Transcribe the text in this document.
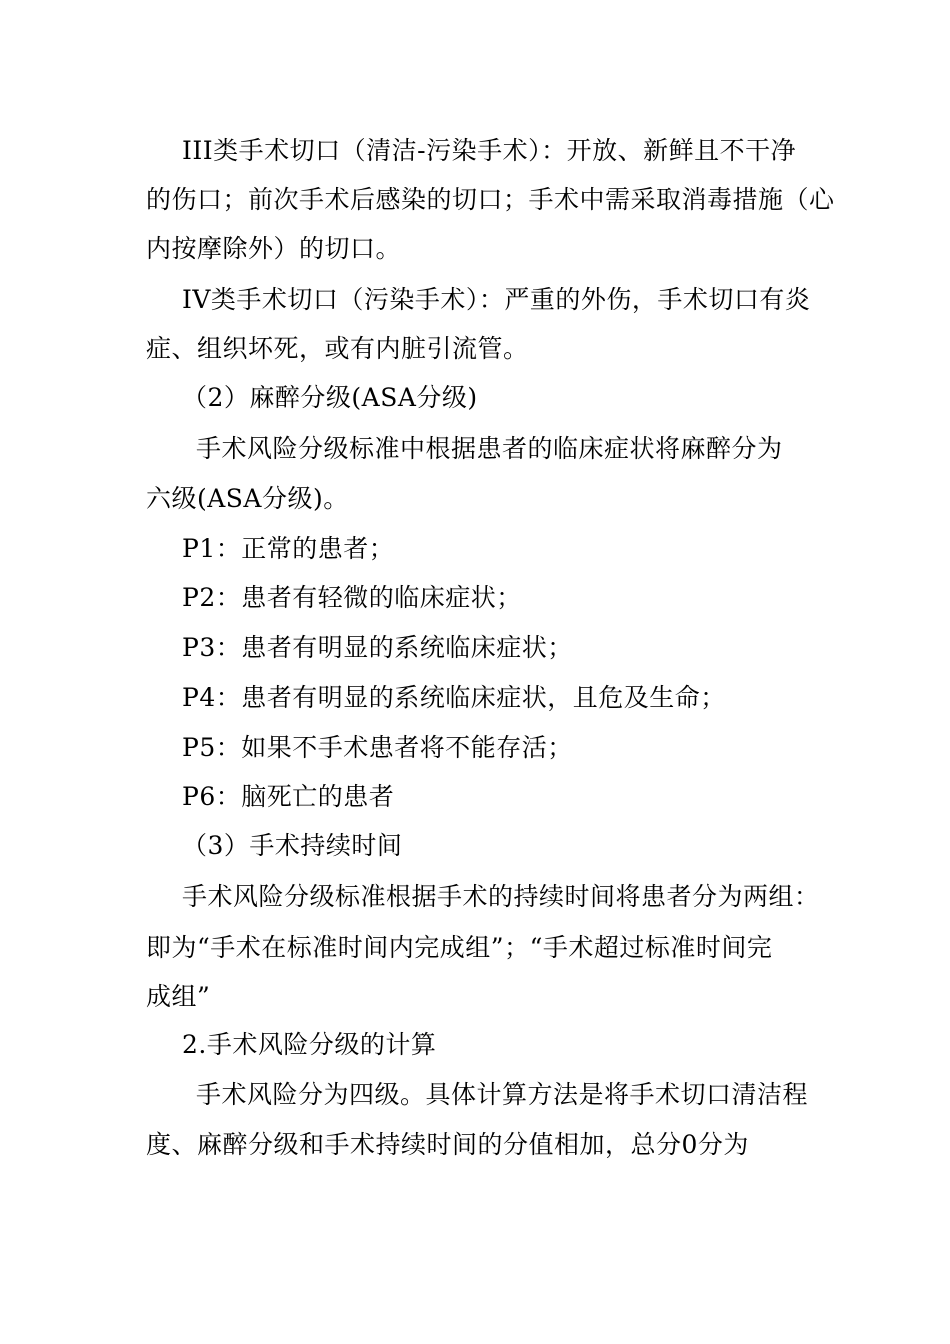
III类手术切口（清洁-污染手术）：开放、新鲜且不干净
的伤口；前次手术后感染的切口；手术中需采取消毒措施（心
内按摩除外）的切口。
IV类手术切口（污染手术）：严重的外伤，手术切口有炎
症、组织坏死，或有内脏引流管。
（2）麻醉分级(ASA分级)
手术风险分级标准中根据患者的临床症状将麻醉分为
六级(ASA分级)。
P1：正常的患者；
P2：患者有轻微的临床症状；
P3：患者有明显的系统临床症状；
P4：患者有明显的系统临床症状，且危及生命；
P5：如果不手术患者将不能存活；
P6：脑死亡的患者
（3）手术持续时间
手术风险分级标准根据手术的持续时间将患者分为两组：
即为“手术在标准时间内完成组”；“手术超过标准时间完
成组”
2.手术风险分级的计算
手术风险分为四级。具体计算方法是将手术切口清洁程
度、麻醉分级和手术持续时间的分值相加，总分0分为
